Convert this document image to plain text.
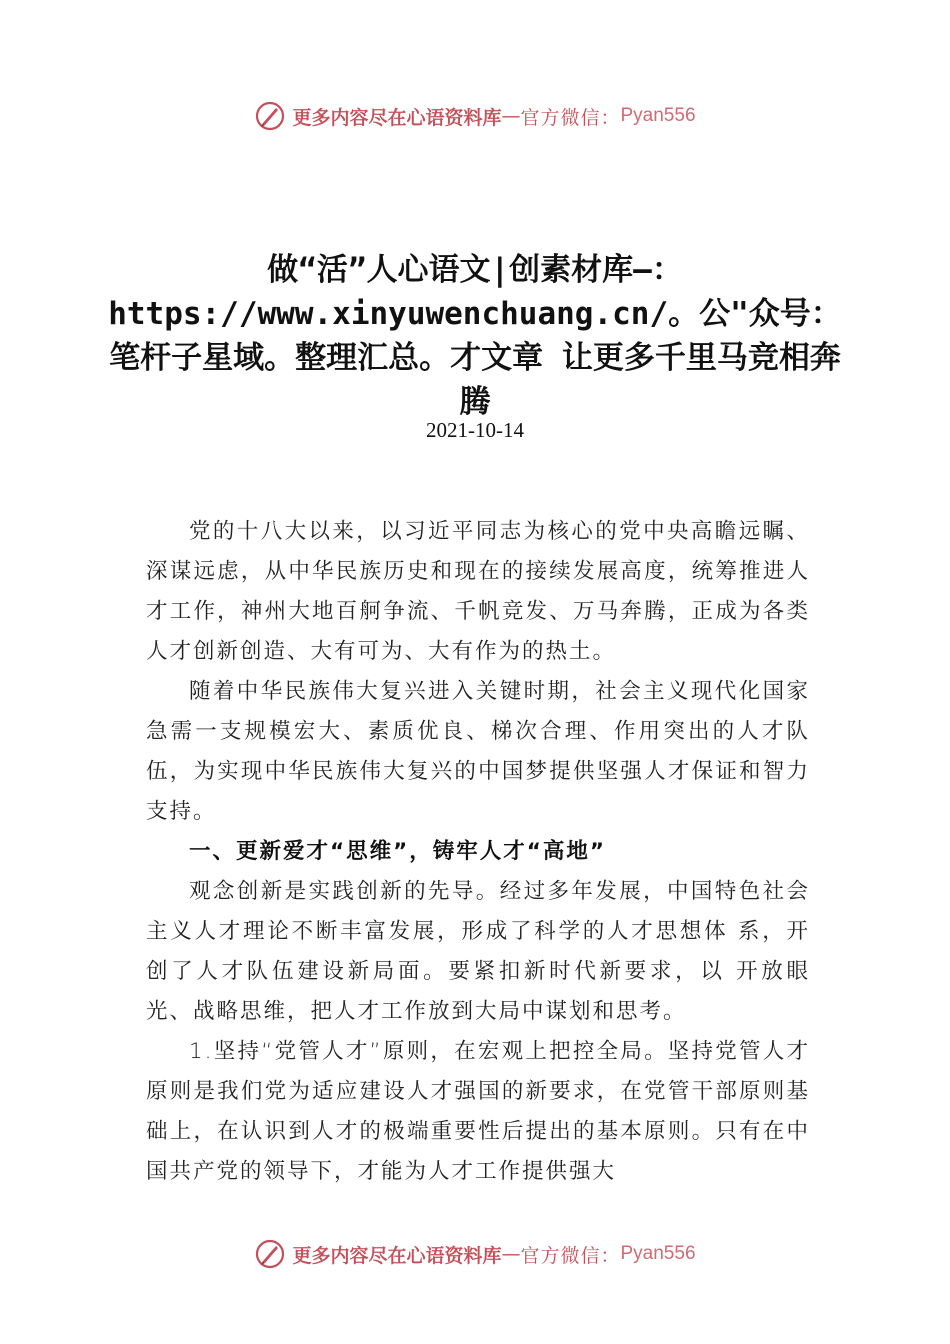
更多内容尽在心语资料库 — 官方微信： Pyan556
做“活”人心语文|创素材库—：https://www.xinyuwenchuang.cn/。公"众号：笔杆子星域。整理汇总。才文章 让更多千里马竞相奔腾
2021-10-14

党的十八大以来，以习近平同志为核心的党中央高瞻远瞩、深谋远虑，从中华民族历史和现在的接续发展高度，统筹推进人才工作，神州大地百舸争流、千帆竞发、万马奔腾，正成为各类人才创新创造、大有可为、大有作为的热土。

随着中华民族伟大复兴进入关键时期，社会主义现代化国家急需一支规模宏大、素质优良、梯次合理、作用突出的人才队伍，为实现中华民族伟大复兴的中国梦提供坚强人才保证和智力支持。

一、更新爱才“思维”，铸牢人才“高地”

观念创新是实践创新的先导。经过多年发展，中国特色社会主义人才理论不断丰富发展，形成了科学的人才思想体 系，开创了人才队伍建设新局面。要紧扣新时代新要求，以 开放眼光、战略思维，把人才工作放到大局中谋划和思考。

1.坚持“党管人才”原则，在宏观上把控全局。坚持党管人才原则是我们党为适应建设人才强国的新要求，在党管干部原则基础上，在认识到人才的极端重要性后提出的基本原则。只有在中国共产党的领导下，才能为人才工作提供强大

更多内容尽在心语资料库 — 官方微信： Pyan556
